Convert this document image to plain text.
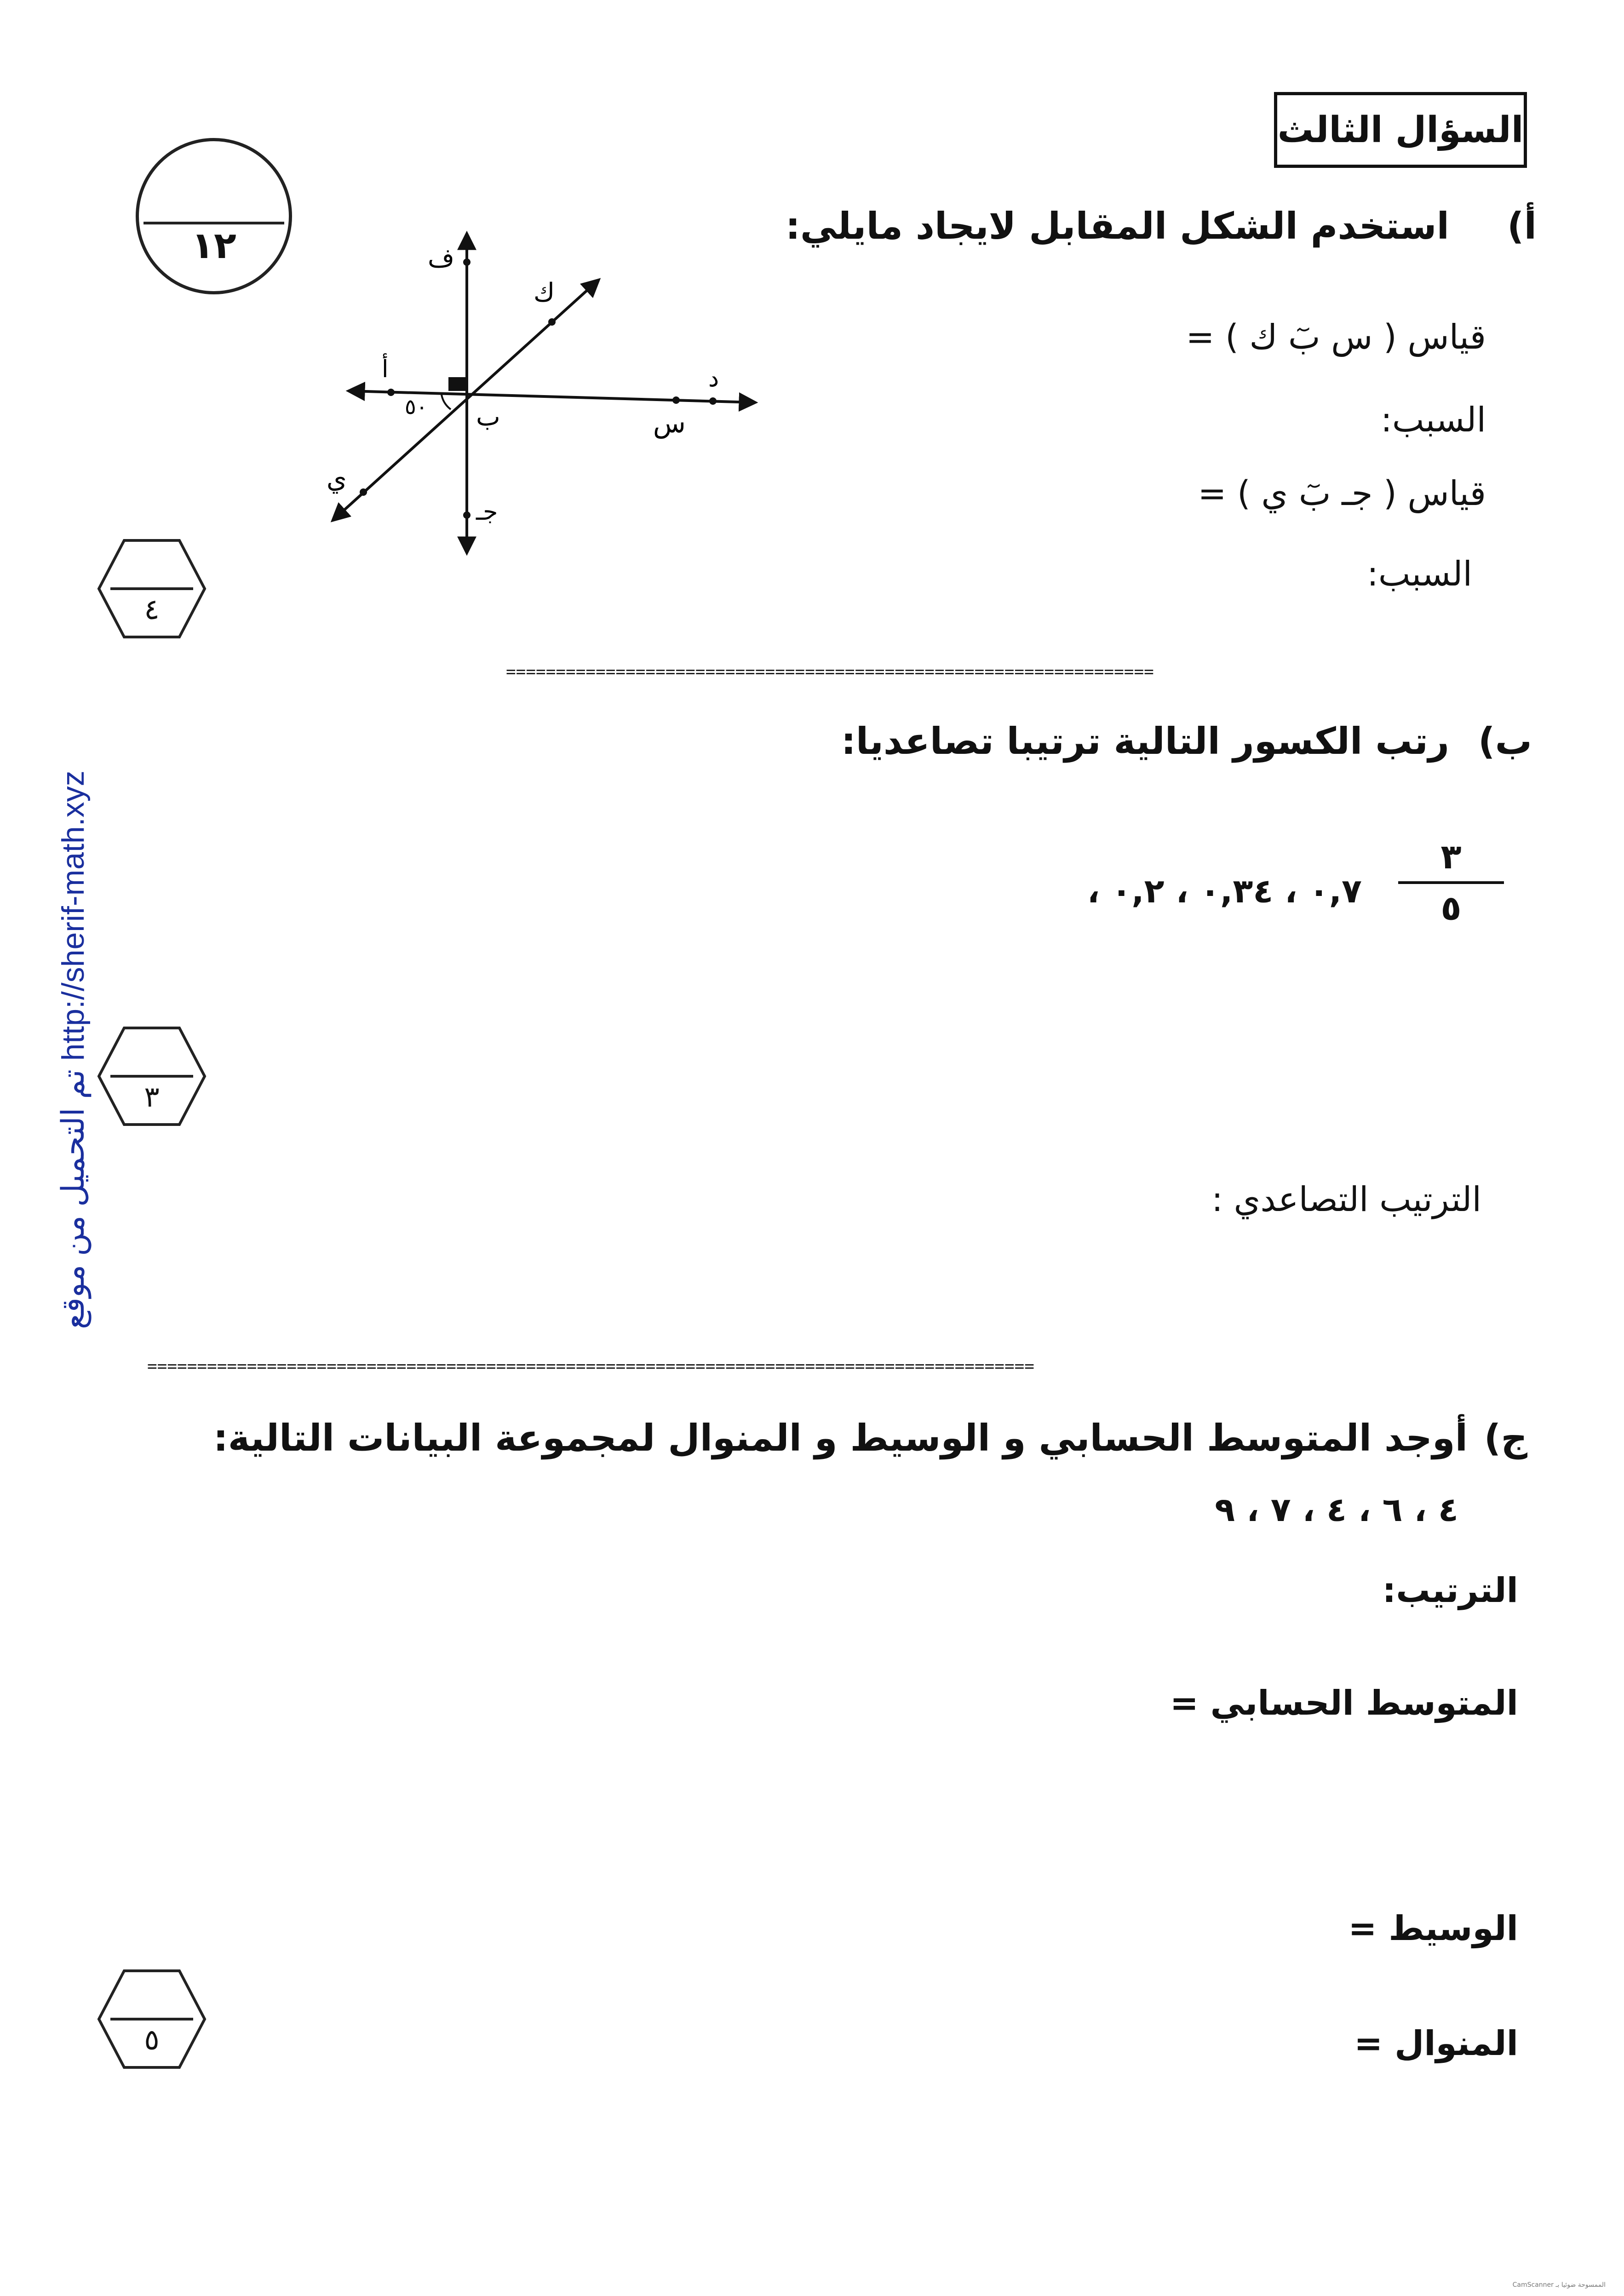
السؤال الثالث
١٢	أ)
استخدم الشكل المقابل لايجاد مايلي:
قياس ( س بٓ ك ) =
السبب:
قياس ( جـ بٓ ي ) =
السبب:
ف
ك
أ
٥٠ ب	س
د
ي
جـ
٤
=================================================================
ب)
رتب الكسور التالية ترتيبا تصاعديا:
٣
٥
٠,٧ ، ٠,٣٤ ، ٠,٢ ،
٣
الترتيب التصاعدي :
=========================================================================================
ج)
أوجد المتوسط الحسابي و الوسيط و المنوال لمجموعة البيانات التالية:
٤ ، ٦ ، ٤ ، ٧ ، ٩
الترتيب:
المتوسط الحسابي =
الوسيط =
المنوال =
٥
تم التحميل من موقع http://sherif-math.xyz
CamScanner الممسوحة ضوئيا بـ
